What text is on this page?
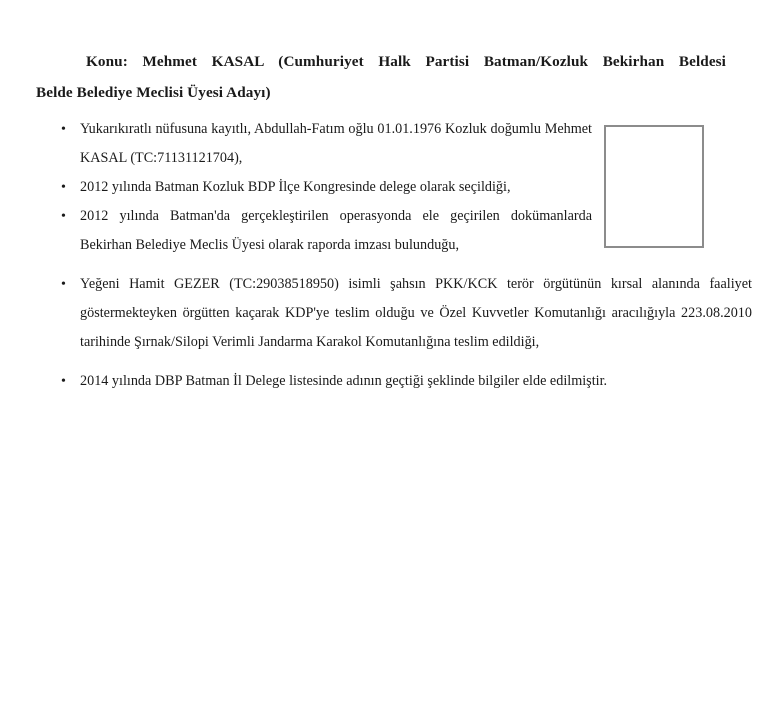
Konu: Mehmet KASAL (Cumhuriyet Halk Partisi Batman/Kozluk Bekirhan Beldesi
Belde Belediye Meclisi Üyesi Adayı)
• Yukarıkıratlı nüfusuna kayıtlı, Abdullah-Fatım oğlu 01.01.1976 Kozluk doğumlu Mehmet KASAL (TC:71131121704),
• 2012 yılında Batman Kozluk BDP İlçe Kongresinde delege olarak seçildiği,
• 2012 yılında Batman'da gerçekleştirilen operasyonda ele geçirilen dokümanlarda Bekirhan Belediye Meclis Üyesi olarak raporda imzası bulunduğu,
• Yeğeni Hamit GEZER (TC:29038518950) isimli şahsın PKK/KCK terör örgütünün kırsal alanında faaliyet göstermekteyken örgütten kaçarak KDP'ye teslim olduğu ve Özel Kuvvetler Komutanlığı aracılığıyla 223.08.2010 tarihinde Şırnak/Silopi Verimli Jandarma Karakol Komutanlığına teslim edildiği,
• 2014 yılında DBP Batman İl Delege listesinde adının geçtiği şeklinde bilgiler elde edilmiştir.
